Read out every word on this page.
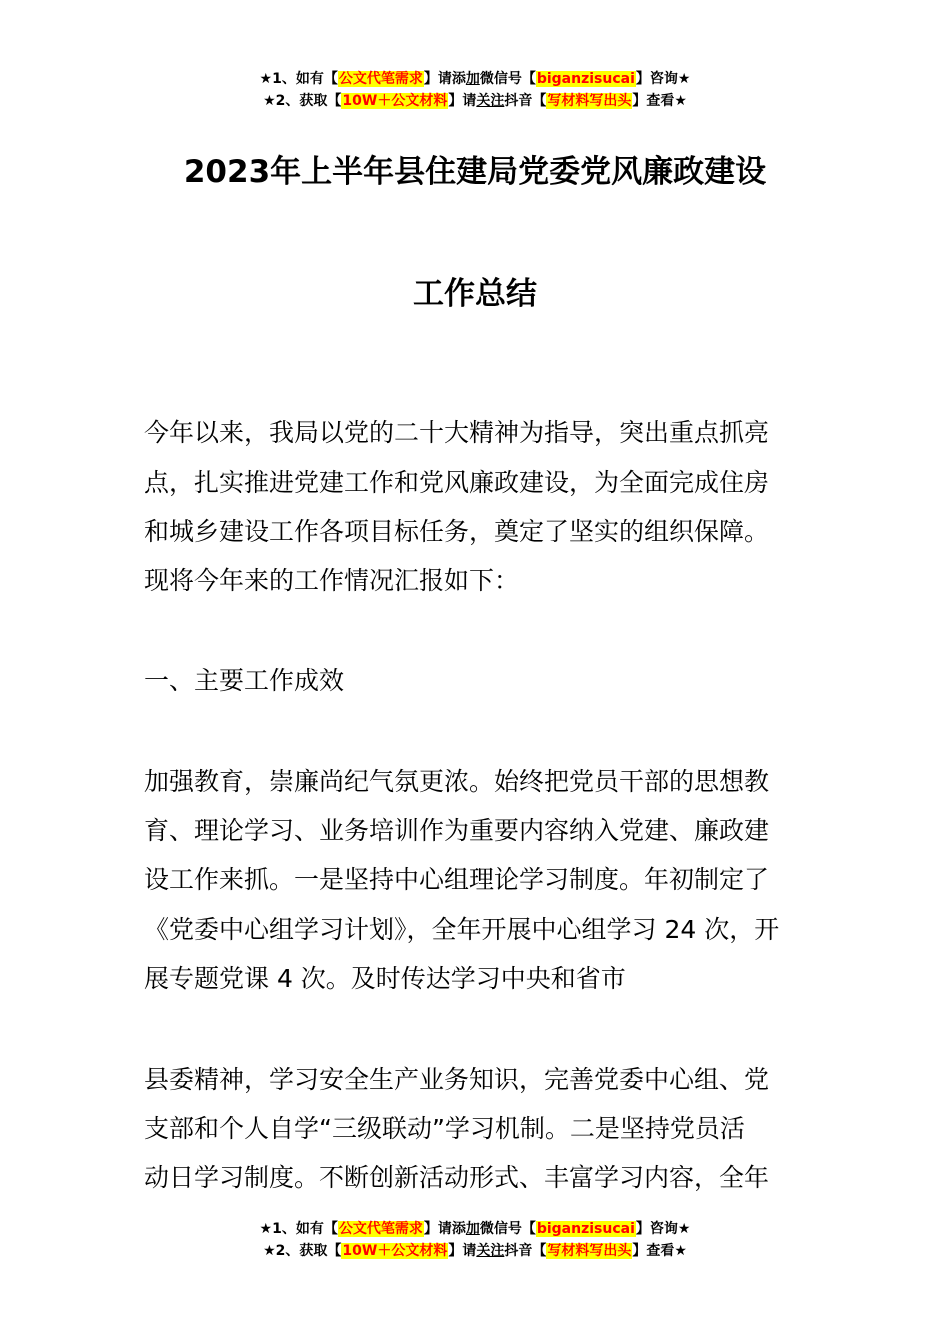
★1、如有【公文代笔需求】请添加微信号【biganzisucai】咨询★
★2、获取【10W＋公文材料】请关注抖音【写材料写出头】查看★
2023年上半年县住建局党委党风廉政建设
工作总结
今年以来，我局以党的二十大精神为指导，突出重点抓亮
点，扎实推进党建工作和党风廉政建设，为全面完成住房
和城乡建设工作各项目标任务，奠定了坚实的组织保障。
现将今年来的工作情况汇报如下：
一、主要工作成效
加强教育，崇廉尚纪气氛更浓。始终把党员干部的思想教
育、理论学习、业务培训作为重要内容纳入党建、廉政建
设工作来抓。一是坚持中心组理论学习制度。年初制定了
《党委中心组学习计划》，全年开展中心组学习 24 次，开
展专题党课 4 次。及时传达学习中央和省市
县委精神，学习安全生产业务知识，完善党委中心组、党
支部和个人自学“三级联动”学习机制。二是坚持党员活
动日学习制度。不断创新活动形式、丰富学习内容，全年
★1、如有【公文代笔需求】请添加微信号【biganzisucai】咨询★
★2、获取【10W＋公文材料】请关注抖音【写材料写出头】查看★
